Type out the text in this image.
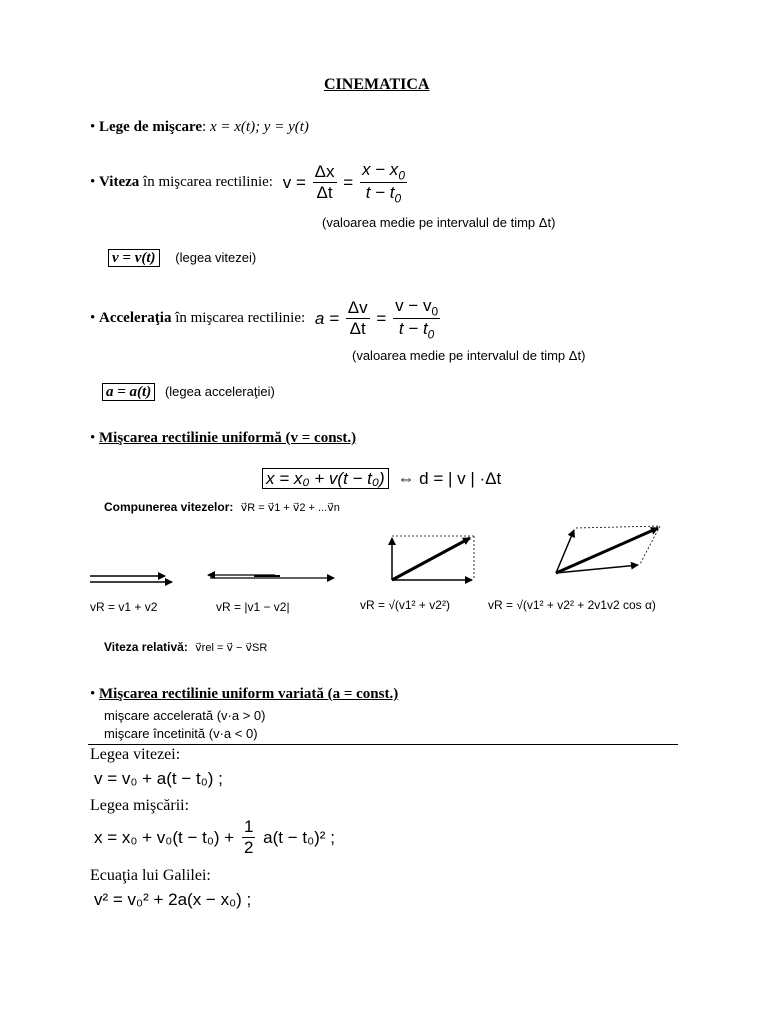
CINEMATICA
• Lege de mişcare: x = x(t); y = y(t)
• Viteza în mişcarea rectilinie: $v = \frac{\Delta x}{\Delta t} = \frac{x - x_0}{t - t_0}$
(valoarea medie pe intervalul de timp Δt)
v = v(t) (legea vitezei)
• Acceleraţia în mişcarea rectilinie: $a = \frac{\Delta v}{\Delta t} = \frac{v - v_0}{t - t_0}$
(valoarea medie pe intervalul de timp Δt)
a = a(t) (legea acceleraţiei)
• Mişcarea rectilinie uniformă (v = const.)
x = x₀ + v(t − t₀) ⇔ d = | v | ·Δt
Compunerea vitezelor: v⃗R = v⃗1 + v⃗2 + ...v⃗n
vR = v1 + v2	vR = |v1 − v2|	vR = √(v1² + v2²)	vR = √(v1² + v2² + 2v1v2 cos α)
Viteza relativă: v⃗rel = v⃗ − v⃗SR
• Mişcarea rectilinie uniform variată (a = const.)
mişcare accelerată (v·a > 0)
mişcare încetinită (v·a < 0)
Legea vitezei:
v = v₀ + a(t − t₀) ;
Legea mişcării:
$x = x_0 + v_0(t - t_0) + \frac{1}{2} a(t - t_0)^2$ ;
Ecuaţia lui Galilei:
v² = v₀² + 2a(x − x₀) ;
